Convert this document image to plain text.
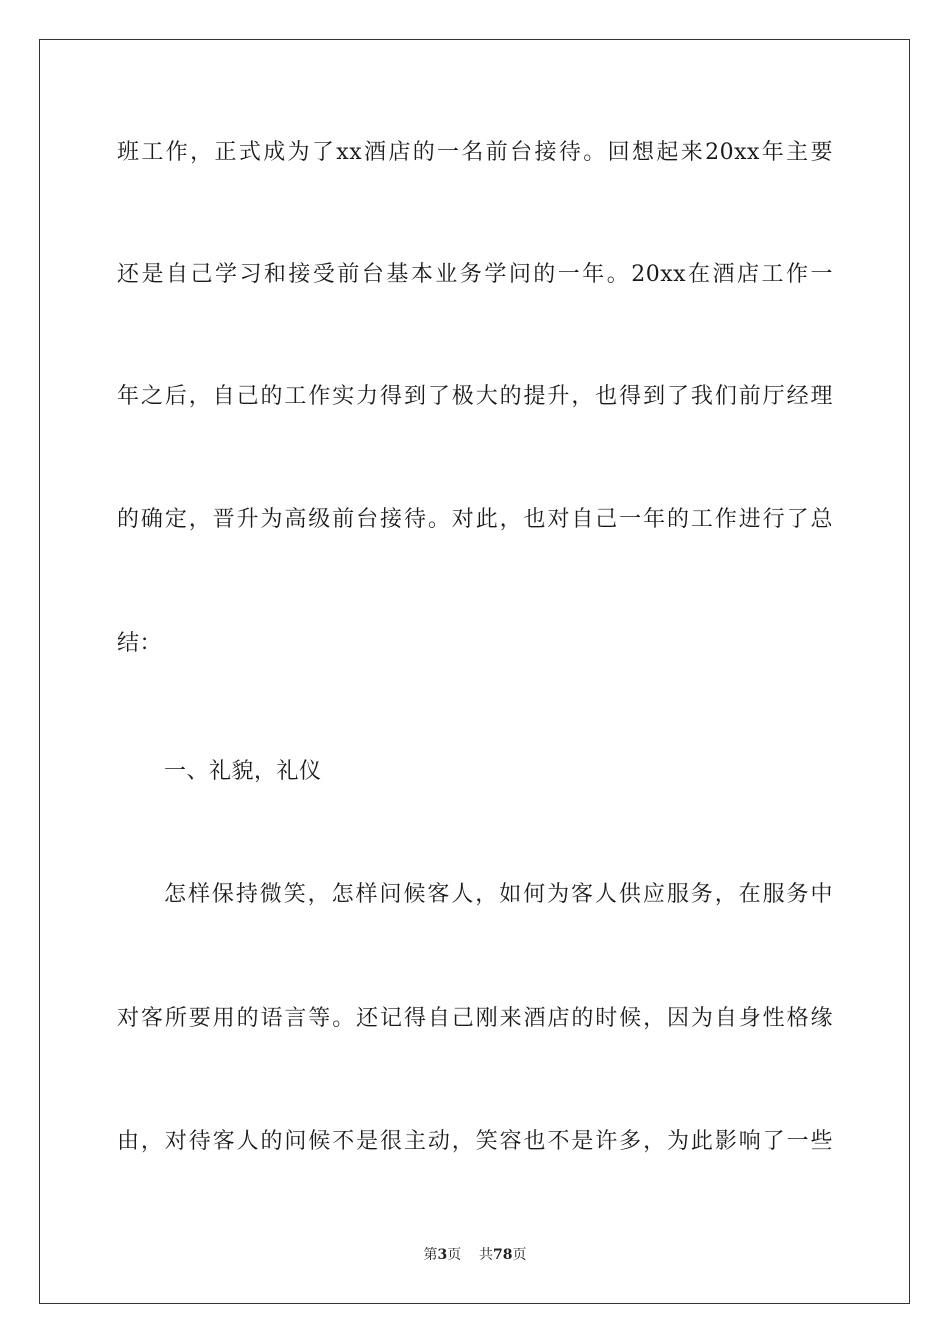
班工作，正式成为了xx酒店的一名前台接待。回想起来20xx年主要
还是自己学习和接受前台基本业务学问的一年。20xx在酒店工作一
年之后，自己的工作实力得到了极大的提升，也得到了我们前厅经理
的确定，晋升为高级前台接待。对此，也对自己一年的工作进行了总
结：
一、礼貌，礼仪
怎样保持微笑，怎样问候客人，如何为客人供应服务，在服务中
对客所要用的语言等。还记得自己刚来酒店的时候，因为自身性格缘
由，对待客人的问候不是很主动，笑容也不是许多，为此影响了一些
第3页    共78页
